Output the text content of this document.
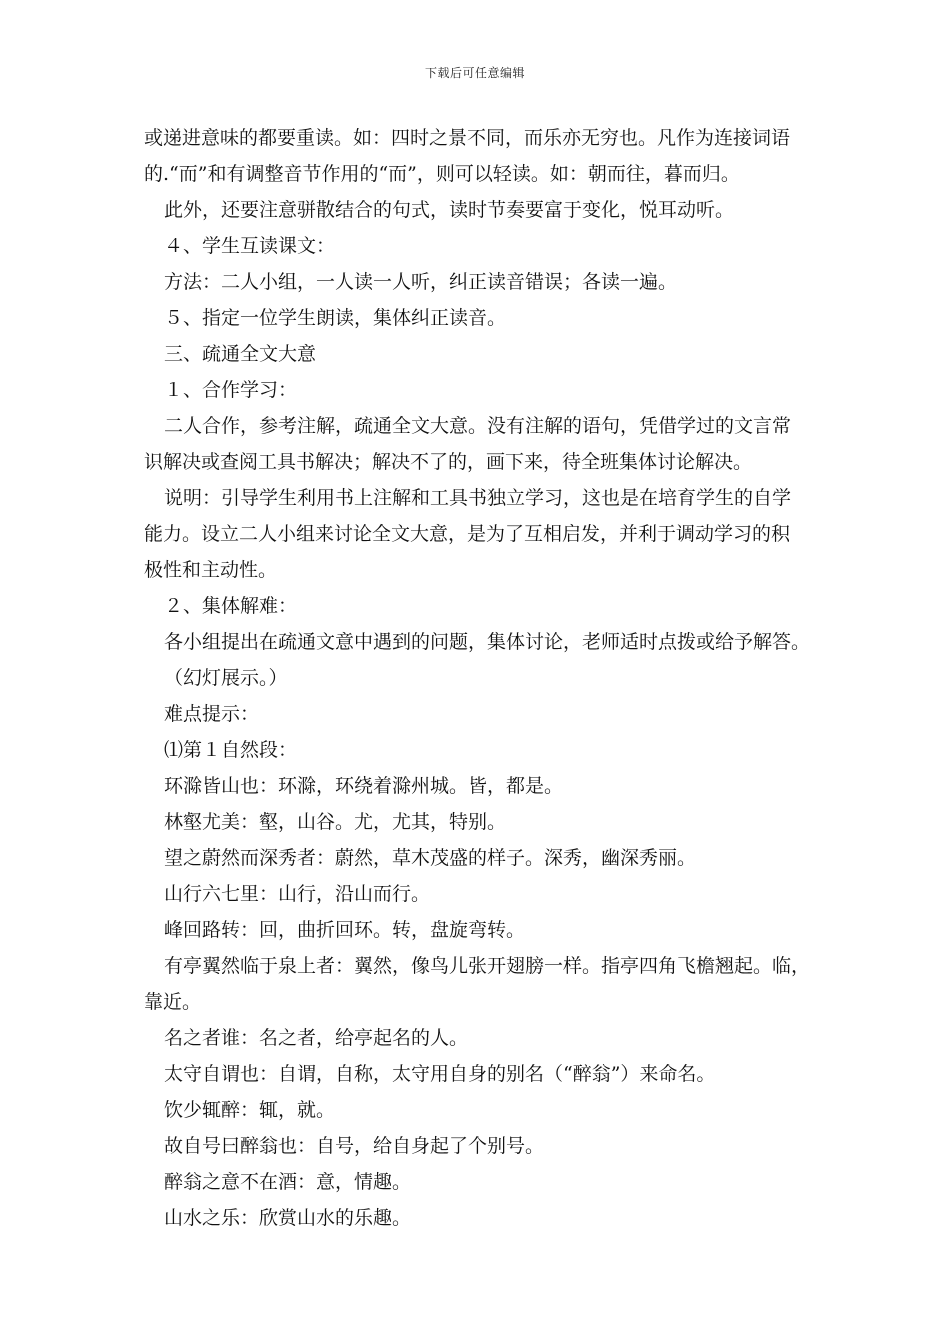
下载后可任意编辑
或递进意味的都要重读。如：四时之景不同，而乐亦无穷也。凡作为连接词语
的.“而”和有调整音节作用的“而”，则可以轻读。如：朝而往，暮而归。
此外，还要注意骈散结合的句式，读时节奏要富于变化，悦耳动听。
４、学生互读课文：
方法：二人小组，一人读一人听，纠正读音错误；各读一遍。
５、指定一位学生朗读，集体纠正读音。
三、疏通全文大意
１、合作学习：
二人合作，参考注解，疏通全文大意。没有注解的语句，凭借学过的文言常
识解决或查阅工具书解决；解决不了的，画下来，待全班集体讨论解决。
说明：引导学生利用书上注解和工具书独立学习，这也是在培育学生的自学
能力。设立二人小组来讨论全文大意，是为了互相启发，并利于调动学习的积
极性和主动性。
２、集体解难：
各小组提出在疏通文意中遇到的问题，集体讨论，老师适时点拨或给予解答。
（幻灯展示。）
难点提示：
⑴第１自然段：
环滁皆山也：环滁，环绕着滁州城。皆，都是。
林壑尤美：壑，山谷。尤，尤其，特别。
望之蔚然而深秀者：蔚然，草木茂盛的样子。深秀，幽深秀丽。
山行六七里：山行，沿山而行。
峰回路转：回，曲折回环。转，盘旋弯转。
有亭翼然临于泉上者：翼然，像鸟儿张开翅膀一样。指亭四角飞檐翘起。临，
靠近。
名之者谁：名之者，给亭起名的人。
太守自谓也：自谓，自称，太守用自身的别名（“醉翁”）来命名。
饮少辄醉：辄，就。
故自号曰醉翁也：自号，给自身起了个别号。
醉翁之意不在酒：意，情趣。
山水之乐：欣赏山水的乐趣。
